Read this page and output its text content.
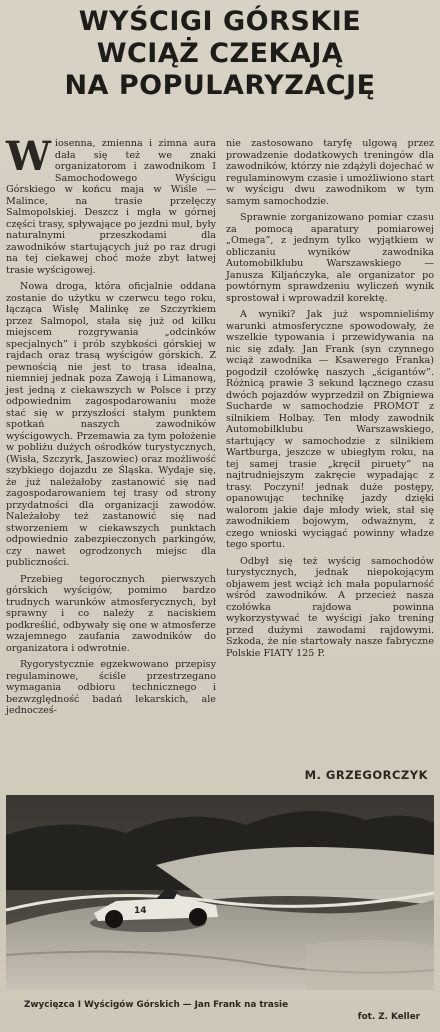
WYŚCIGI GÓRSKIE
WCIĄŻ CZEKAJĄ
NA POPULARYZACJĘ

Wiosenna, zmienna i zimna aura dała się też we znaki organizatorom i zawodnikom I Samochodowego Wyścigu Górskiego w końcu maja w Wiśle — Malince, na trasie przełęczy Salmopolskiej. Deszcz i mgła w górnej części trasy, spływające po jezdni muł, były naturalnymi przeszkodami dla zawodników startujących już po raz drugi na tej ciekawej choć może zbyt łatwej trasie wyścigowej.

Nowa droga, która oficjalnie oddana zostanie do użytku w czerwcu tego roku, łącząca Wisłę Malinkę ze Szczyrkiem przez Salmopol, stała się już od kilku miejscem rozgrywania „odcinków specjalnych” i prób szybkości górskiej w rajdach oraz trasą wyścigów górskich. Z pewnością nie jest to trasa idealna, niemniej jednak poza Zawoją i Limanową, jest jedną z ciekawszych w Polsce i przy odpowiednim zagospodarowaniu może stać się w przyszłości stałym punktem spotkań naszych zawodników wyścigowych. Przemawia za tym położenie w pobliżu dużych ośrodków turystycznych, (Wisła, Szczyrk, Jaszowiec) oraz możliwość szybkiego dojazdu ze Śląska. Wydaje się, że już należałoby zastanowić się nad zagospodarowaniem tej trasy od strony przydatności dla organizacji zawodów. Należałoby też zastanowić się nad stworzeniem w ciekawszych punktach odpowiednio zabezpieczonych parkingów, czy nawet ogrodzonych miejsc dla publiczności.

Przebieg tegorocznych pierwszych górskich wyścigów, pomimo bardzo trudnych warunków atmosferycznych, był sprawny i co należy z naciskiem podkreślić, odbywały się one w atmosferze wzajemnego zaufania zawodników do organizatora i odwrotnie.

Rygorystycznie egzekwowano przepisy regulaminowe, ściśle przestrzegano wymagania odbioru technicznego i bezwzględność badań lekarskich, ale jednocześ-

nie zastosowano taryfę ulgową przez prowadzenie dodatkowych treningów dla zawodników, którzy nie zdążyli dojechać w regulaminowym czasie i umożliwiono start w wyścigu dwu zawodnikom w tym samym samochodzie.

Sprawnie zorganizowano pomiar czasu za pomocą aparatury pomiarowej „Omega”, z jednym tylko wyjątkiem w obliczaniu wyników zawodnika Automobilklubu Warszawskiego — Janusza Kiljańczyka, ale organizator po powtórnym sprawdzeniu wyliczeń wynik sprostował i wprowadził korektę.

A wyniki? Jak już wspomnieliśmy warunki atmosferyczne spowodowały, że wszelkie typowania i przewidywania na nic się zdały. Jan Frank (syn czynnego wciąż zawodnika — Ksawerego Franka) pogodził czołówkę naszych „ścigantów”. Różnicą prawie 3 sekund łącznego czasu dwóch pojazdów wyprzedził on Zbigniewa Sucharde w samochodzie PROMOT z silnikiem Holbay. Ten młody zawodnik Automobilklubu Warszawskiego, startujący w samochodzie z silnikiem Wartburga, jeszcze w ubiegłym roku, na tej samej trasie „kręcił piruety” na najtrudniejszym zakręcie wypadając z trasy. Poczyni! jednak duże postępy, opanowując technikę jazdy dzięki walorom jakie daje młody wiek, stał się zawodnikiem bojowym, odważnym, z czego wnioski wyciągać powinny władze tego sportu.

Odbył się też wyścig samochodów turystycznych, jednak niepokojącym objawem jest wciąż ich mała popularność wśród zawodników. A przecież nasza czołówka rajdowa powinna wykorzystywać te wyścigi jako trening przed dużymi zawodami rajdowymi. Szkoda, że nie startowały nasze fabryczne Polskie FIATY 125 P.

M. GRZEGORCZYK
14
Zwycięzca I Wyścigów Górskich — Jan Frank na trasie
fot. Z. Keller
